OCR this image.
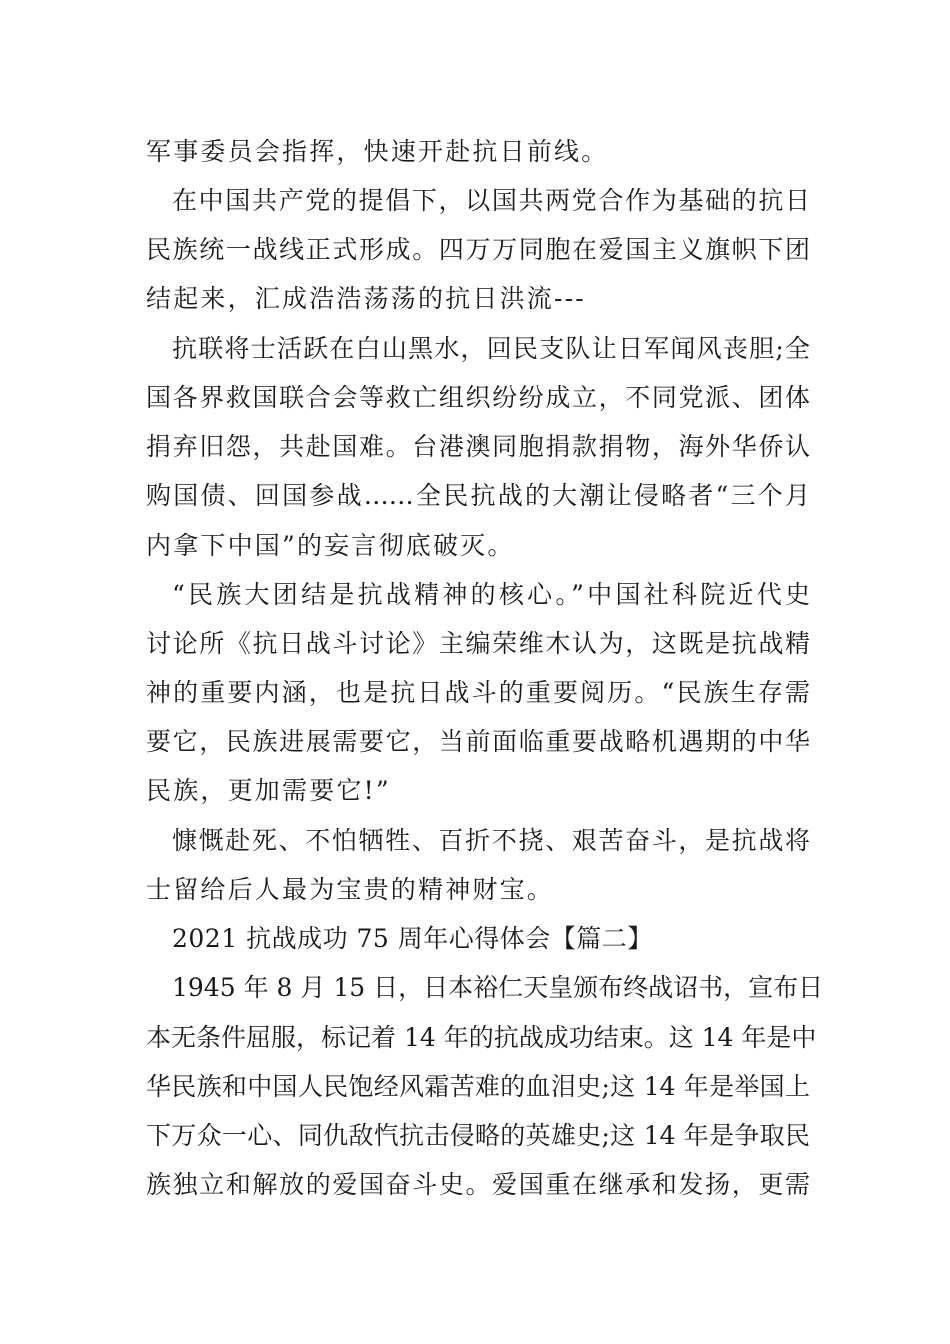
军事委员会指挥，快速开赴抗日前线。
在中国共产党的提倡下，以国共两党合作为基础的抗日
民族统一战线正式形成。四万万同胞在爱国主义旗帜下团
结起来，汇成浩浩荡荡的抗日洪流---
抗联将士活跃在白山黑水，回民支队让日军闻风丧胆;全
国各界救国联合会等救亡组织纷纷成立，不同党派、团体
捐弃旧怨，共赴国难。台港澳同胞捐款捐物，海外华侨认
购国债、回国参战……全民抗战的大潮让侵略者“三个月
内拿下中国”的妄言彻底破灭。
“民族大团结是抗战精神的核心。”中国社科院近代史
讨论所《抗日战斗讨论》主编荣维木认为，这既是抗战精
神的重要内涵，也是抗日战斗的重要阅历。“民族生存需
要它，民族进展需要它，当前面临重要战略机遇期的中华
民族，更加需要它!”
慷慨赴死、不怕牺牲、百折不挠、艰苦奋斗，是抗战将
士留给后人最为宝贵的精神财宝。
2021 抗战成功 75 周年心得体会【篇二】
1945 年 8 月 15 日，日本裕仁天皇颁布终战诏书，宣布日
本无条件屈服，标记着 14 年的抗战成功结束。这 14 年是中
华民族和中国人民饱经风霜苦难的血泪史;这 14 年是举国上
下万众一心、同仇敌忾抗击侵略的英雄史;这 14 年是争取民
族独立和解放的爱国奋斗史。爱国重在继承和发扬，更需
